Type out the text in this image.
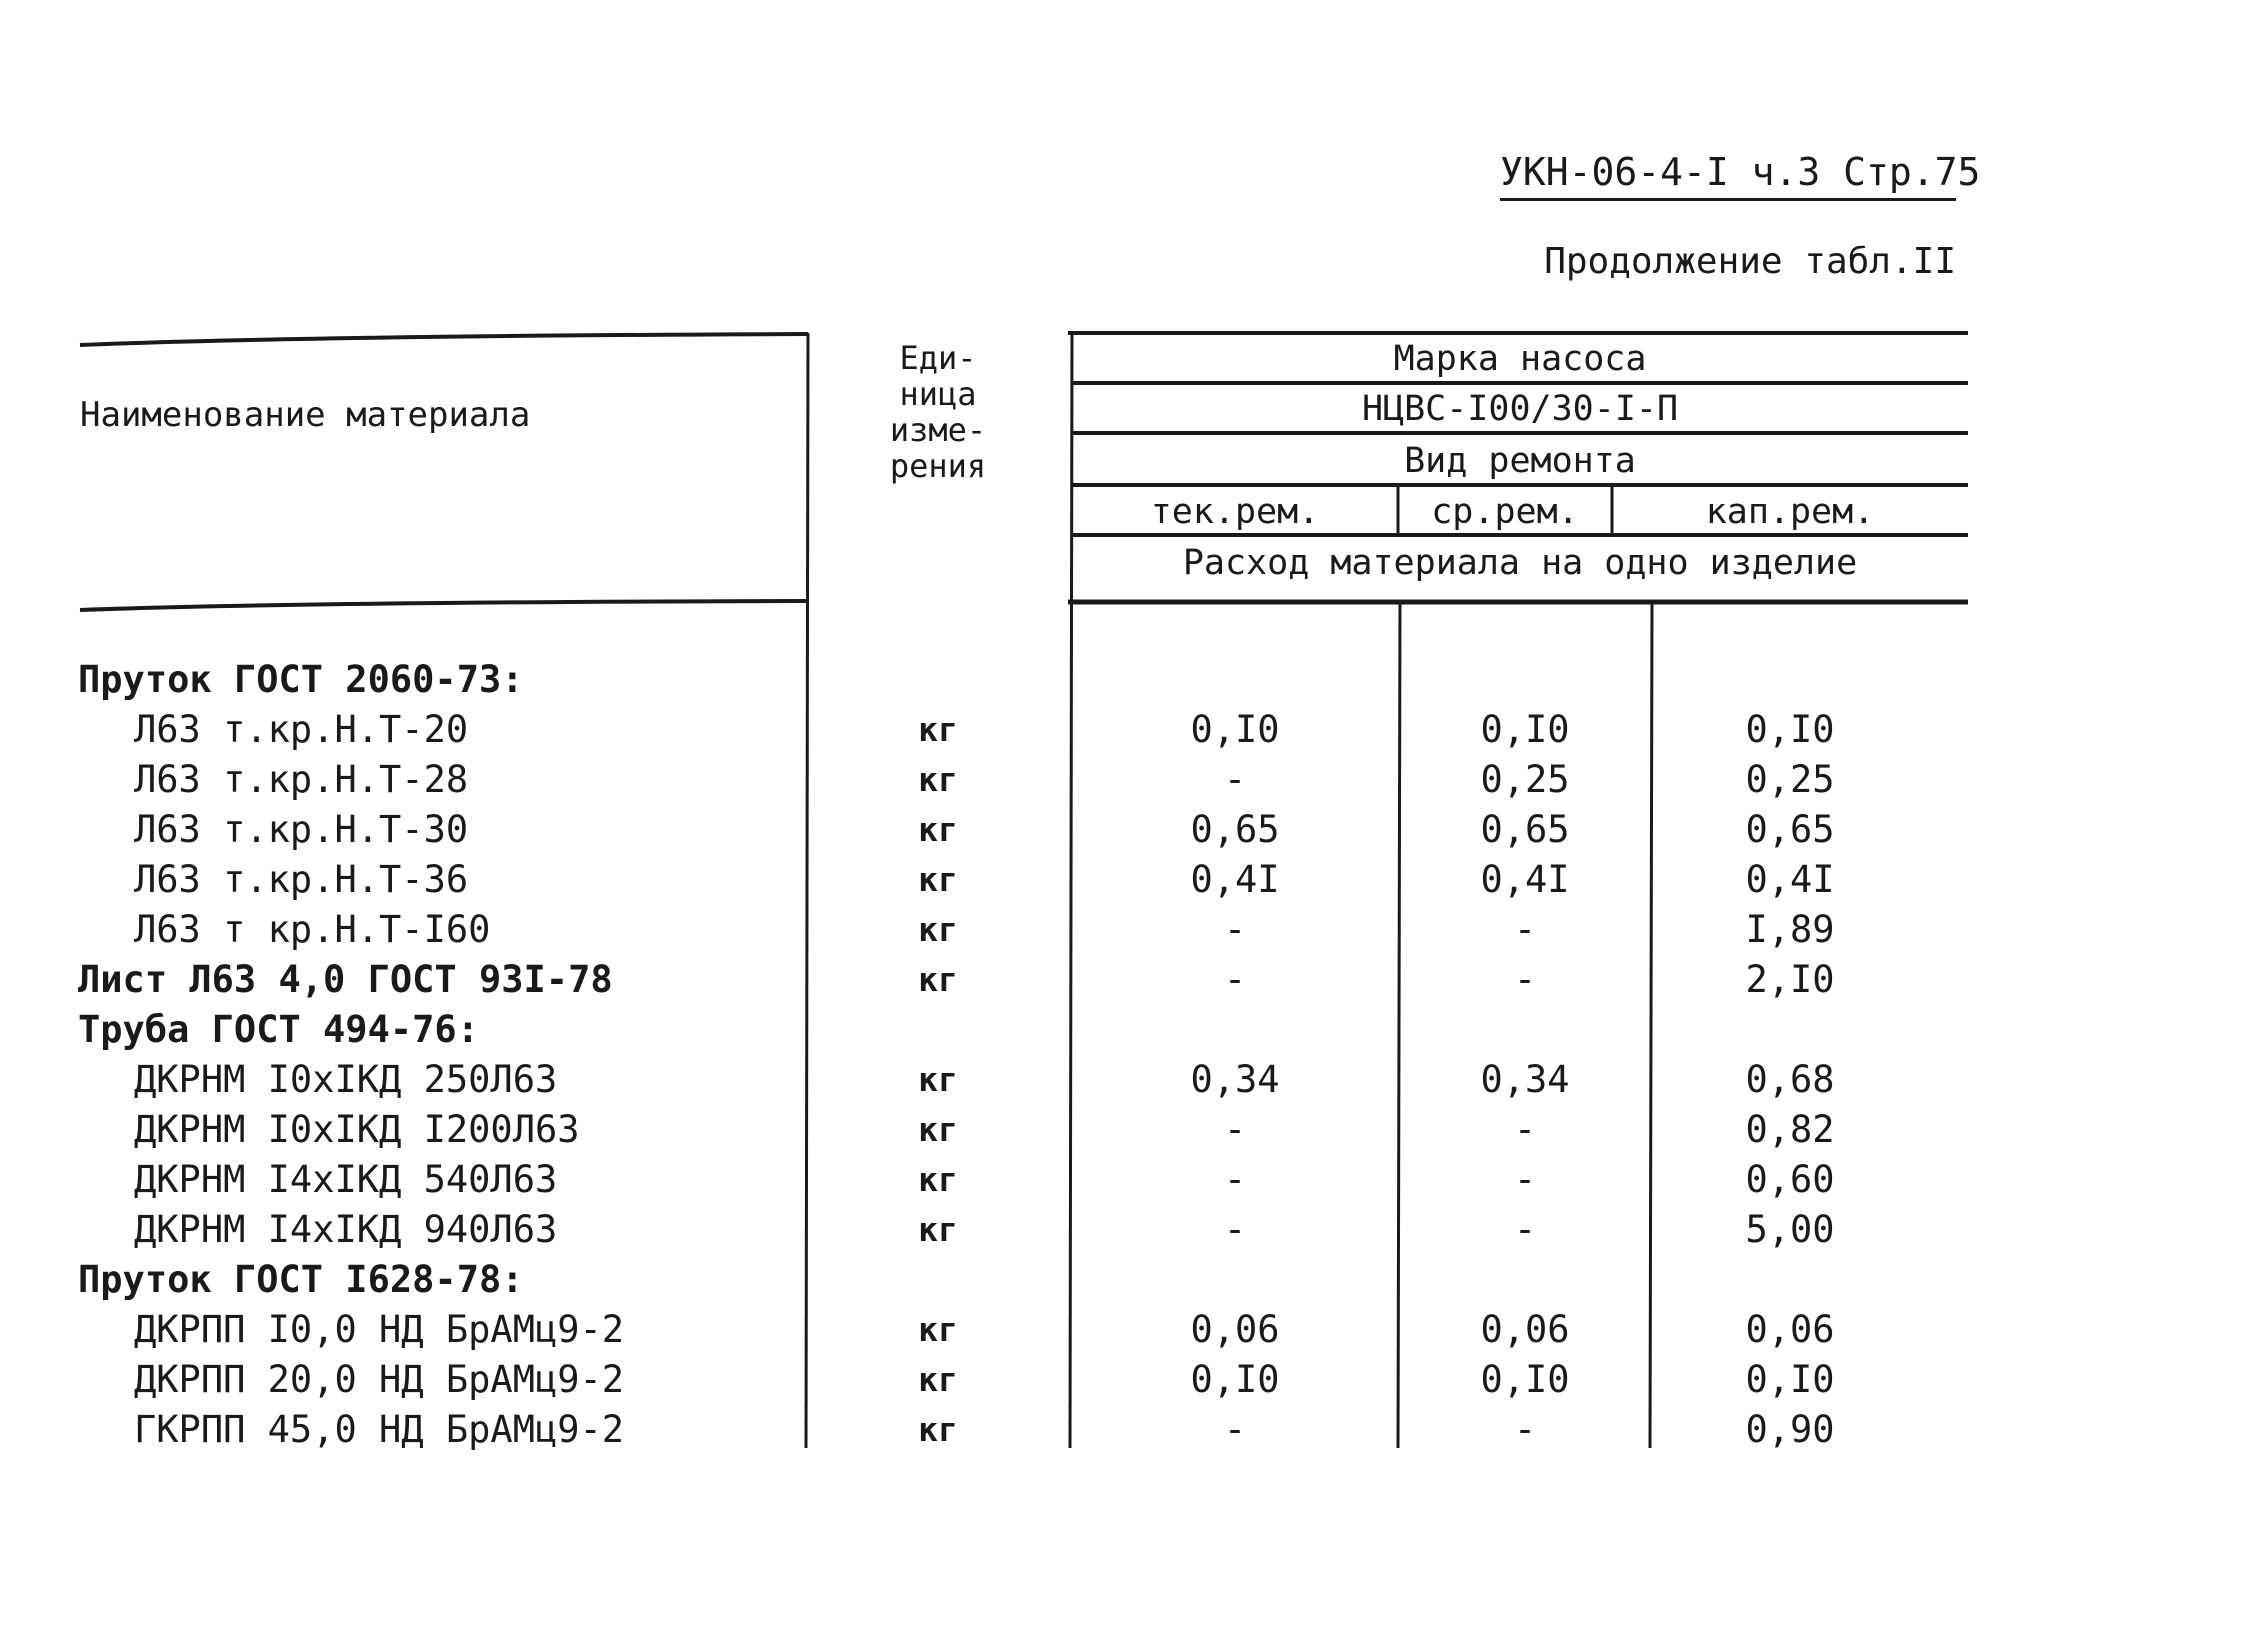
УКН-06-4-I ч.3 Стр.75
Продолжение табл.II
Наименование материала
Еди-
ница
изме-
рения
Марка насоса
НЦВС-I00/30-I-П
Вид ремонта
тек.рем.	ср.рем.	кап.рем.
Расход материала на одно изделие
Пруток ГОСТ 2060-73:
Л63 т.кр.Н.Т-20	кг	0,I0	0,I0	0,I0
Л63 т.кр.Н.Т-28	кг	-	0,25	0,25
Л63 т.кр.Н.Т-30	кг	0,65	0,65	0,65
Л63 т.кр.Н.Т-36	кг	0,4I	0,4I	0,4I
Л63 т кр.Н.Т-I60	кг	-	-	I,89
Лист Л63 4,0 ГОСТ 93I-78	кг	-	-	2,I0
Труба ГОСТ 494-76:
ДКРНМ I0хIКД 250Л63	кг	0,34	0,34	0,68
ДКРНМ I0хIКД I200Л63	кг	-	-	0,82
ДКРНМ I4хIКД 540Л63	кг	-	-	0,60
ДКРНМ I4хIКД 940Л63	кг	-	-	5,00
Пруток ГОСТ I628-78:
ДКРПП I0,0 НД БрАМц9-2	кг	0,06	0,06	0,06
ДКРПП 20,0 НД БрАМц9-2	кг	0,I0	0,I0	0,I0
ГКРПП 45,0 НД БрАМц9-2	кг	-	-	0,90
